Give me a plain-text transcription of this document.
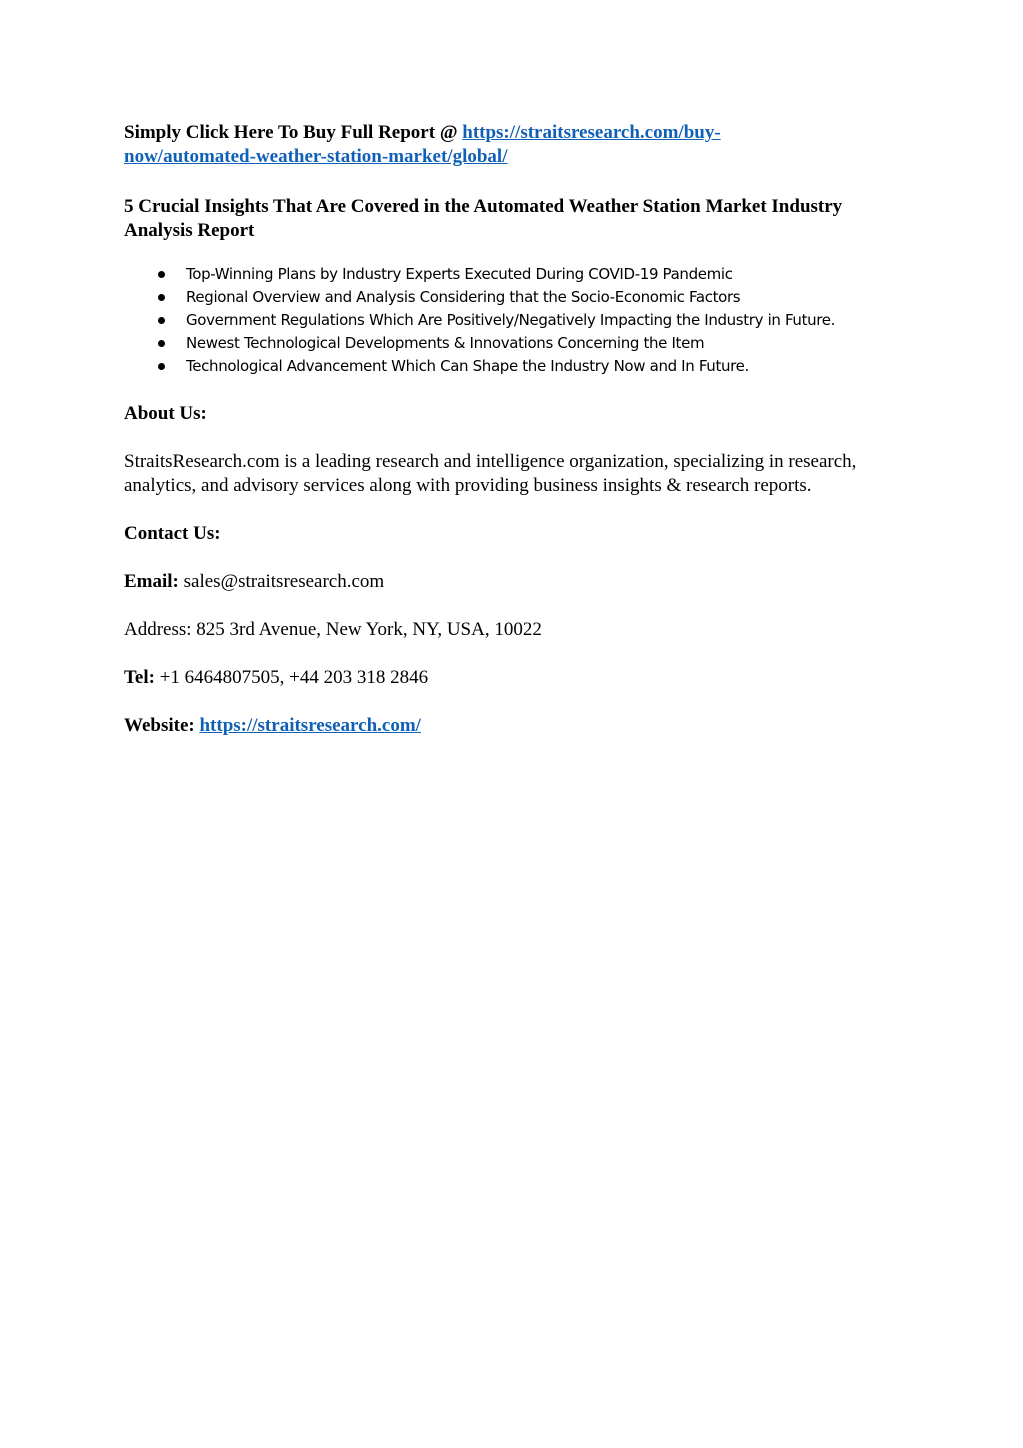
Simply Click Here To Buy Full Report @ https://straitsresearch.com/buy-
now/automated-weather-station-market/global/

5 Crucial Insights That Are Covered in the Automated Weather Station Market Industry Analysis Report

Top-Winning Plans by Industry Experts Executed During COVID-19 Pandemic
Regional Overview and Analysis Considering that the Socio-Economic Factors
Government Regulations Which Are Positively/Negatively Impacting the Industry in Future.
Newest Technological Developments & Innovations Concerning the Item
Technological Advancement Which Can Shape the Industry Now and In Future.

About Us:

StraitsResearch.com is a leading research and intelligence organization, specializing in research, analytics, and advisory services along with providing business insights & research reports.

Contact Us:

Email: sales@straitsresearch.com

Address: 825 3rd Avenue, New York, NY, USA, 10022

Tel: +1 6464807505, +44 203 318 2846

Website: https://straitsresearch.com/
